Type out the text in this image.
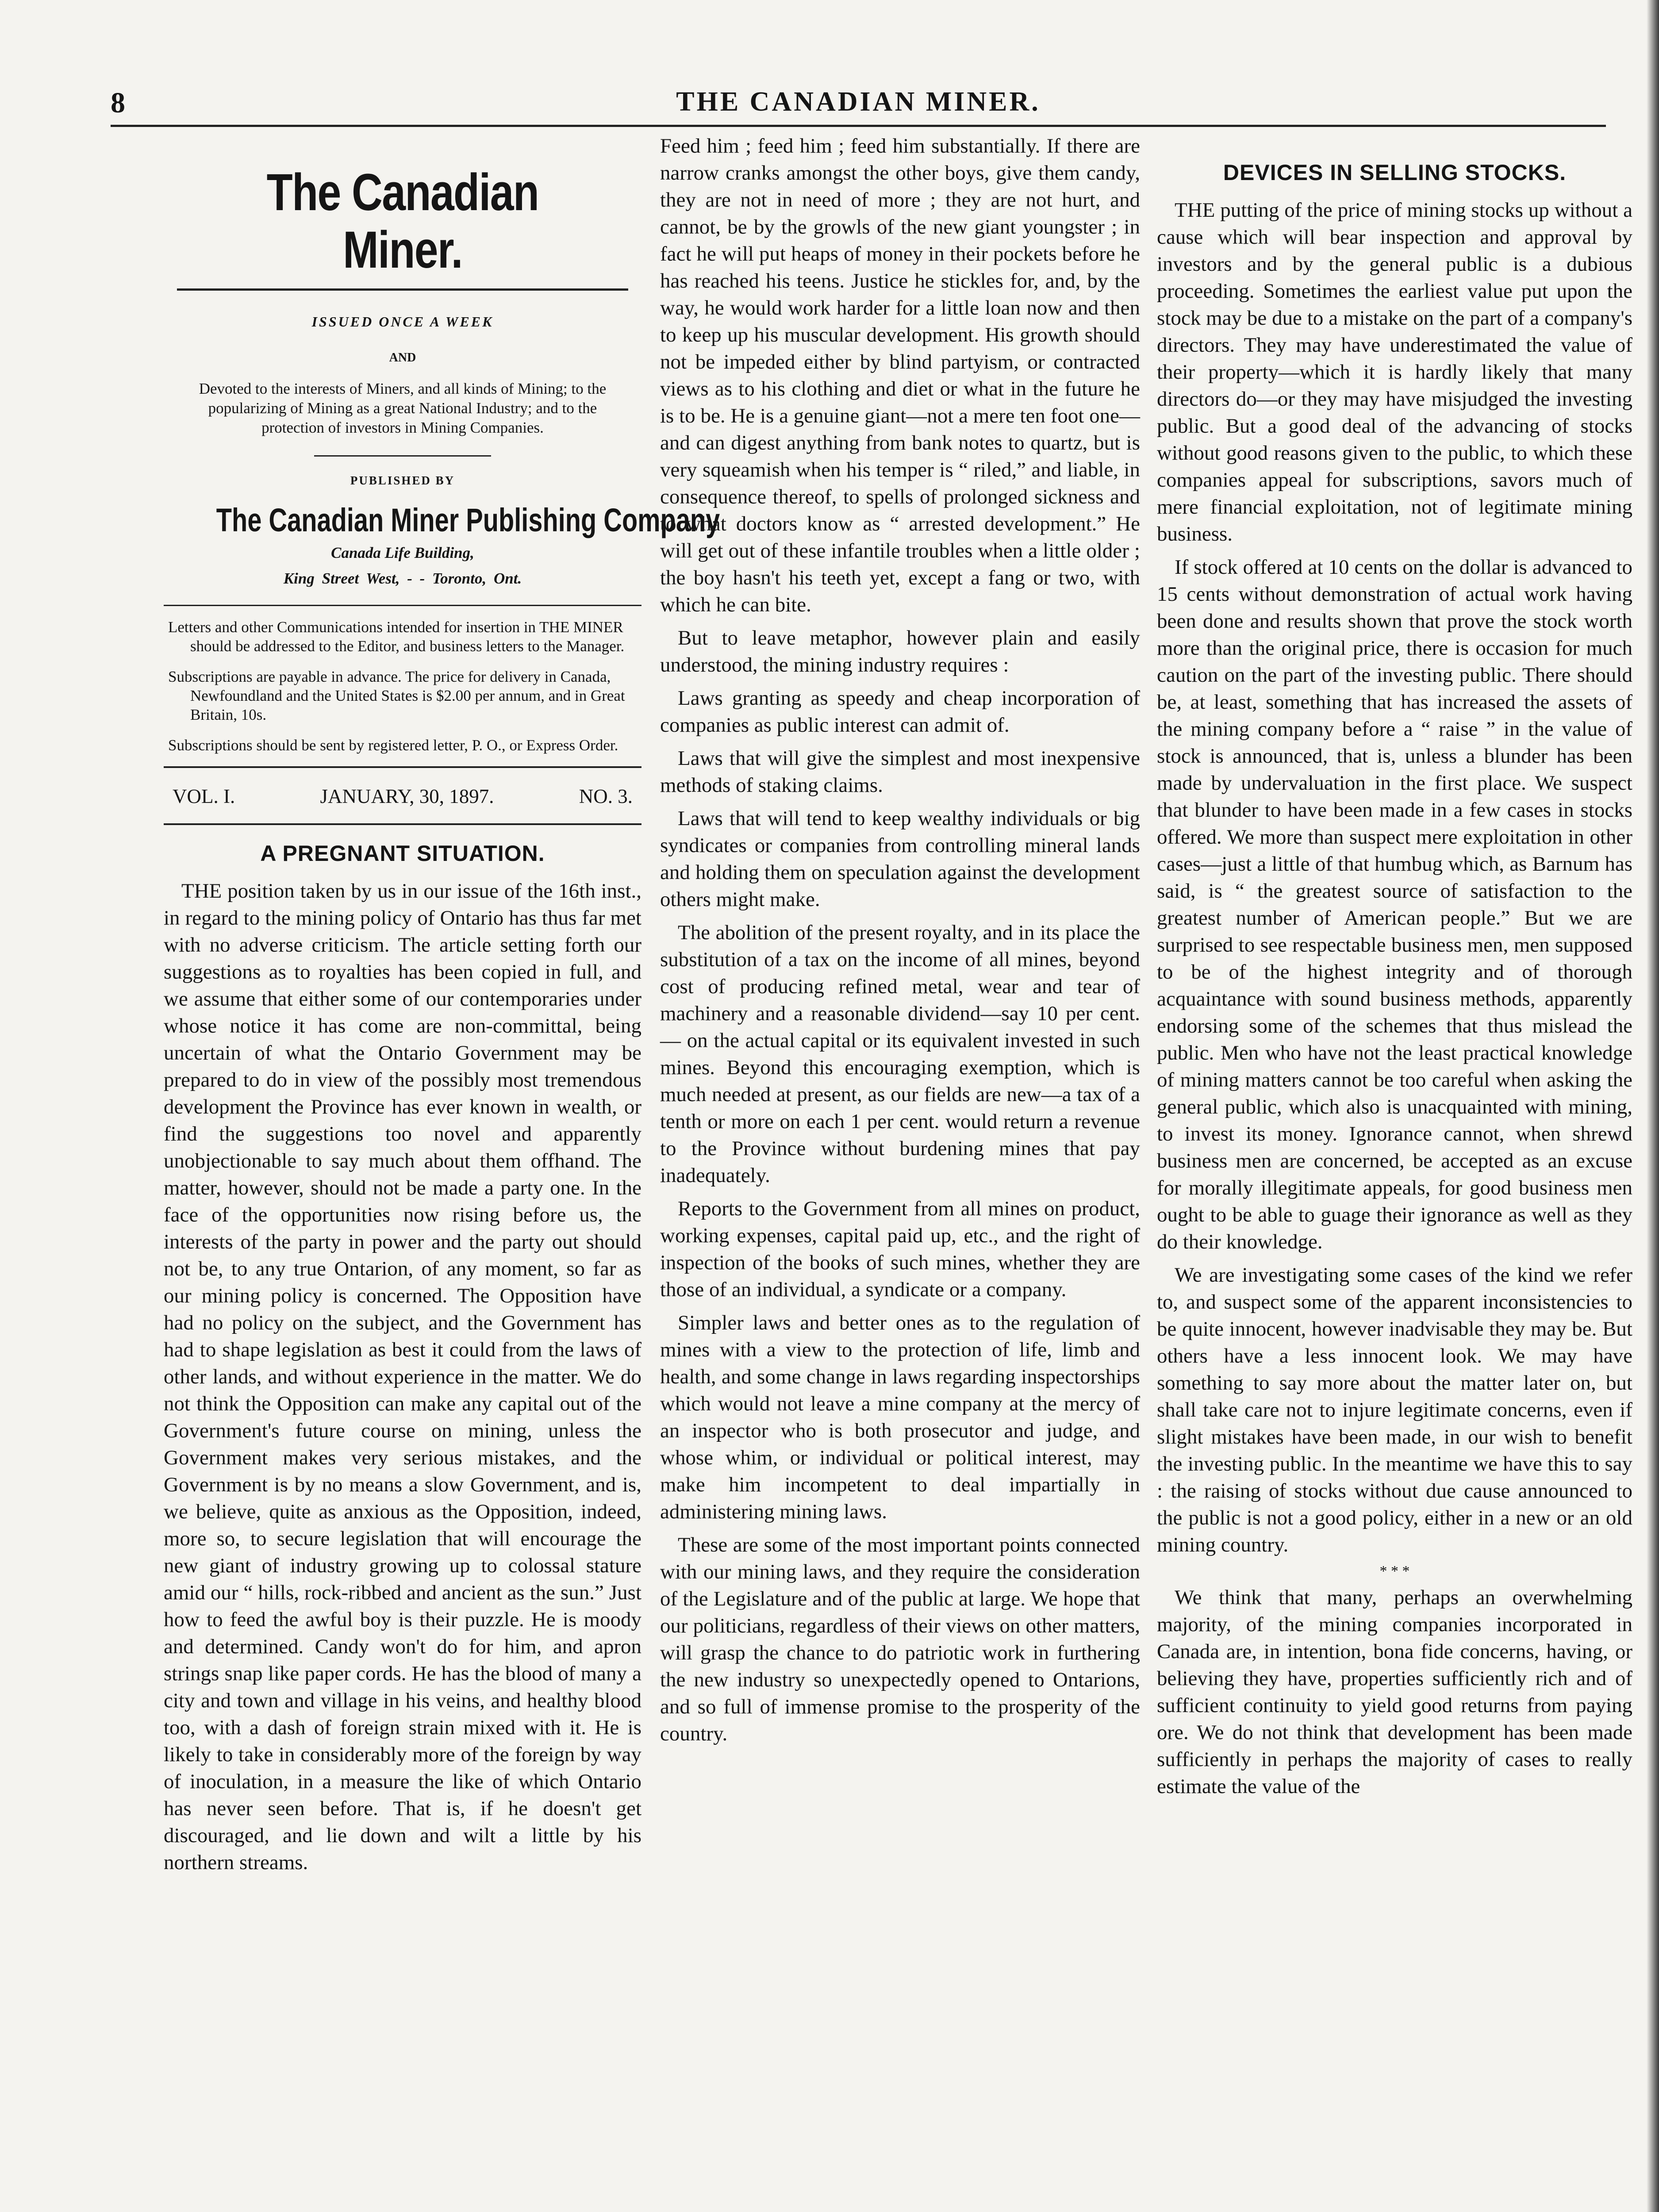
8	THE CANADIAN MINER.
The Canadian Miner.
ISSUED ONCE A WEEK
AND
Devoted to the interests of Miners, and all kinds of Mining; to the popularizing of Mining as a great National Industry; and to the protection of investors in Mining Companies.
PUBLISHED BY
The Canadian Miner Publishing Company
Canada Life Building,
King Street West, - - Toronto, Ont.
Letters and other Communications intended for insertion in THE MINER should be addressed to the Editor, and business letters to the Manager.
Subscriptions are payable in advance. The price for delivery in Canada, Newfoundland and the United States is $2.00 per annum, and in Great Britain, 10s.
Subscriptions should be sent by registered letter, P. O., or Express Order.
VOL. I.	JANUARY, 30, 1897.	NO. 3.
A PREGNANT SITUATION.

THE position taken by us in our issue of the 16th inst., in regard to the mining policy of Ontario has thus far met with no adverse criticism. The article setting forth our suggestions as to royalties has been copied in full, and we assume that either some of our contemporaries under whose notice it has come are non-committal, being uncertain of what the Ontario Government may be prepared to do in view of the possibly most tremendous development the Province has ever known in wealth, or find the suggestions too novel and apparently unobjectionable to say much about them offhand. The matter, however, should not be made a party one. In the face of the opportunities now rising before us, the interests of the party in power and the party out should not be, to any true Ontarion, of any moment, so far as our mining policy is concerned. The Opposition have had no policy on the subject, and the Government has had to shape legislation as best it could from the laws of other lands, and without experience in the matter. We do not think the Opposition can make any capital out of the Government's future course on mining, unless the Government makes very serious mistakes, and the Government is by no means a slow Government, and is, we believe, quite as anxious as the Opposition, indeed, more so, to secure legislation that will encourage the new giant of industry growing up to colossal stature amid our “ hills, rock-ribbed and ancient as the sun.” Just how to feed the awful boy is their puzzle. He is moody and determined. Candy won't do for him, and apron strings snap like paper cords. He has the blood of many a city and town and village in his veins, and healthy blood too, with a dash of foreign strain mixed with it. He is likely to take in considerably more of the foreign by way of inoculation, in a measure the like of which Ontario has never seen before. That is, if he doesn't get discouraged, and lie down and wilt a little by his northern streams.

Feed him ; feed him ; feed him substantially. If there are narrow cranks amongst the other boys, give them candy, they are not in need of more ; they are not hurt, and cannot, be by the growls of the new giant youngster ; in fact he will put heaps of money in their pockets before he has reached his teens. Justice he stickles for, and, by the way, he would work harder for a little loan now and then to keep up his muscular development. His growth should not be impeded either by blind partyism, or contracted views as to his clothing and diet or what in the future he is to be. He is a genuine giant—not a mere ten foot one—and can digest anything from bank notes to quartz, but is very squeamish when his temper is “ riled,” and liable, in consequence thereof, to spells of prolonged sickness and to what doctors know as “ arrested development.” He will get out of these infantile troubles when a little older ; the boy hasn't his teeth yet, except a fang or two, with which he can bite.

But to leave metaphor, however plain and easily understood, the mining industry requires :

Laws granting as speedy and cheap incorporation of companies as public interest can admit of.

Laws that will give the simplest and most inexpensive methods of staking claims.

Laws that will tend to keep wealthy individuals or big syndicates or companies from controlling mineral lands and holding them on speculation against the development others might make.

The abolition of the present royalty, and in its place the substitution of a tax on the income of all mines, beyond cost of producing refined metal, wear and tear of machinery and a reasonable dividend—say 10 per cent.— on the actual capital or its equivalent invested in such mines. Beyond this encouraging exemption, which is much needed at present, as our fields are new—a tax of a tenth or more on each 1 per cent. would return a revenue to the Province without burdening mines that pay inadequately.

Reports to the Government from all mines on product, working expenses, capital paid up, etc., and the right of inspection of the books of such mines, whether they are those of an individual, a syndicate or a company.

Simpler laws and better ones as to the regulation of mines with a view to the protection of life, limb and health, and some change in laws regarding inspectorships which would not leave a mine company at the mercy of an inspector who is both prosecutor and judge, and whose whim, or individual or political interest, may make him incompetent to deal impartially in administering mining laws.

These are some of the most important points connected with our mining laws, and they require the consideration of the Legislature and of the public at large. We hope that our politicians, regardless of their views on other matters, will grasp the chance to do patriotic work in furthering the new industry so unexpectedly opened to Ontarions, and so full of immense promise to the prosperity of the country.

DEVICES IN SELLING STOCKS.

THE putting of the price of mining stocks up without a cause which will bear inspection and approval by investors and by the general public is a dubious proceeding. Sometimes the earliest value put upon the stock may be due to a mistake on the part of a company's directors. They may have underestimated the value of their property—which it is hardly likely that many directors do—or they may have misjudged the investing public. But a good deal of the advancing of stocks without good reasons given to the public, to which these companies appeal for subscriptions, savors much of mere financial exploitation, not of legitimate mining business.

If stock offered at 10 cents on the dollar is advanced to 15 cents without demonstration of actual work having been done and results shown that prove the stock worth more than the original price, there is occasion for much caution on the part of the investing public. There should be, at least, something that has increased the assets of the mining company before a “ raise ” in the value of stock is announced, that is, unless a blunder has been made by undervaluation in the first place. We suspect that blunder to have been made in a few cases in stocks offered. We more than suspect mere exploitation in other cases—just a little of that humbug which, as Barnum has said, is “ the greatest source of satisfaction to the greatest number of American people.” But we are surprised to see respectable business men, men supposed to be of the highest integrity and of thorough acquaintance with sound business methods, apparently endorsing some of the schemes that thus mislead the public. Men who have not the least practical knowledge of mining matters cannot be too careful when asking the general public, which also is unacquainted with mining, to invest its money. Ignorance cannot, when shrewd business men are concerned, be accepted as an excuse for morally illegitimate appeals, for good business men ought to be able to guage their ignorance as well as they do their knowledge.

We are investigating some cases of the kind we refer to, and suspect some of the apparent inconsistencies to be quite innocent, however inadvisable they may be. But others have a less innocent look. We may have something to say more about the matter later on, but shall take care not to injure legitimate concerns, even if slight mistakes have been made, in our wish to benefit the investing public. In the meantime we have this to say : the raising of stocks without due cause announced to the public is not a good policy, either in a new or an old mining country.

* * *

We think that many, perhaps an overwhelming majority, of the mining companies incorporated in Canada are, in intention, bona fide concerns, having, or believing they have, properties sufficiently rich and of sufficient continuity to yield good returns from paying ore. We do not think that development has been made sufficiently in perhaps the majority of cases to really estimate the value of the
